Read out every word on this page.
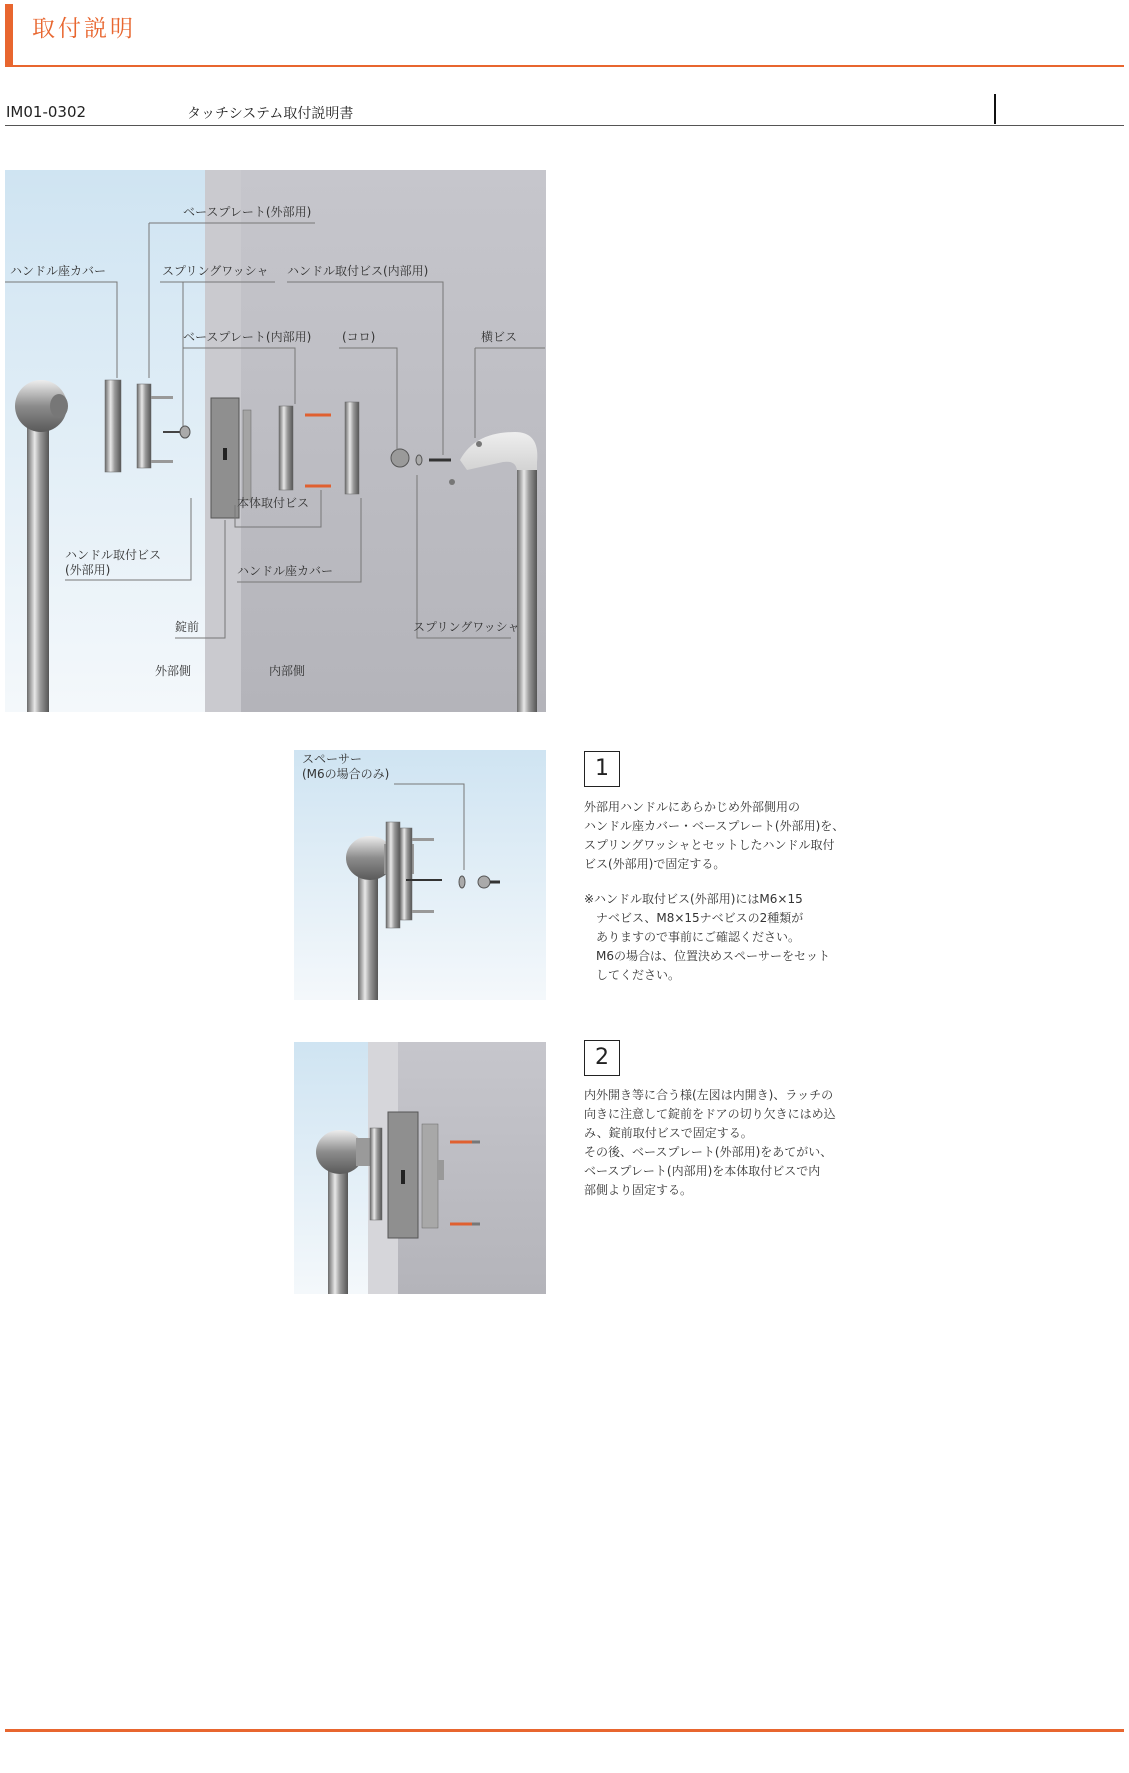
取付説明
IM01-0302	タッチシステム取付説明書
ベースプレート(外部用)
ハンドル座カバー	スプリングワッシャ ハンドル取付ビス(内部用)
ベースプレート(内部用)	(コロ)	横ビス
本体取付ビス
ハンドル取付ビス
(外部用)	ハンドル座カバー
錠前	スプリングワッシャ
外部側	内部側
スペーサー
(M6の場合のみ)	1
外部用ハンドルにあらかじめ外部側用の
ハンドル座カバー・ベースプレート(外部用)を、
スプリングワッシャとセットしたハンドル取付
ビス(外部用)で固定する。
※ハンドル取付ビス(外部用)にはM6×15
　ナベビス、M8×15ナベビスの2種類が
　ありますので事前にご確認ください。
　M6の場合は、位置決めスペーサーをセット
　してください。
2
内外開き等に合う様(左図は内開き)、ラッチの
向きに注意して錠前をドアの切り欠きにはめ込
み、錠前取付ビスで固定する。
その後、ベースプレート(外部用)をあてがい、
ベースプレート(内部用)を本体取付ビスで内
部側より固定する。
